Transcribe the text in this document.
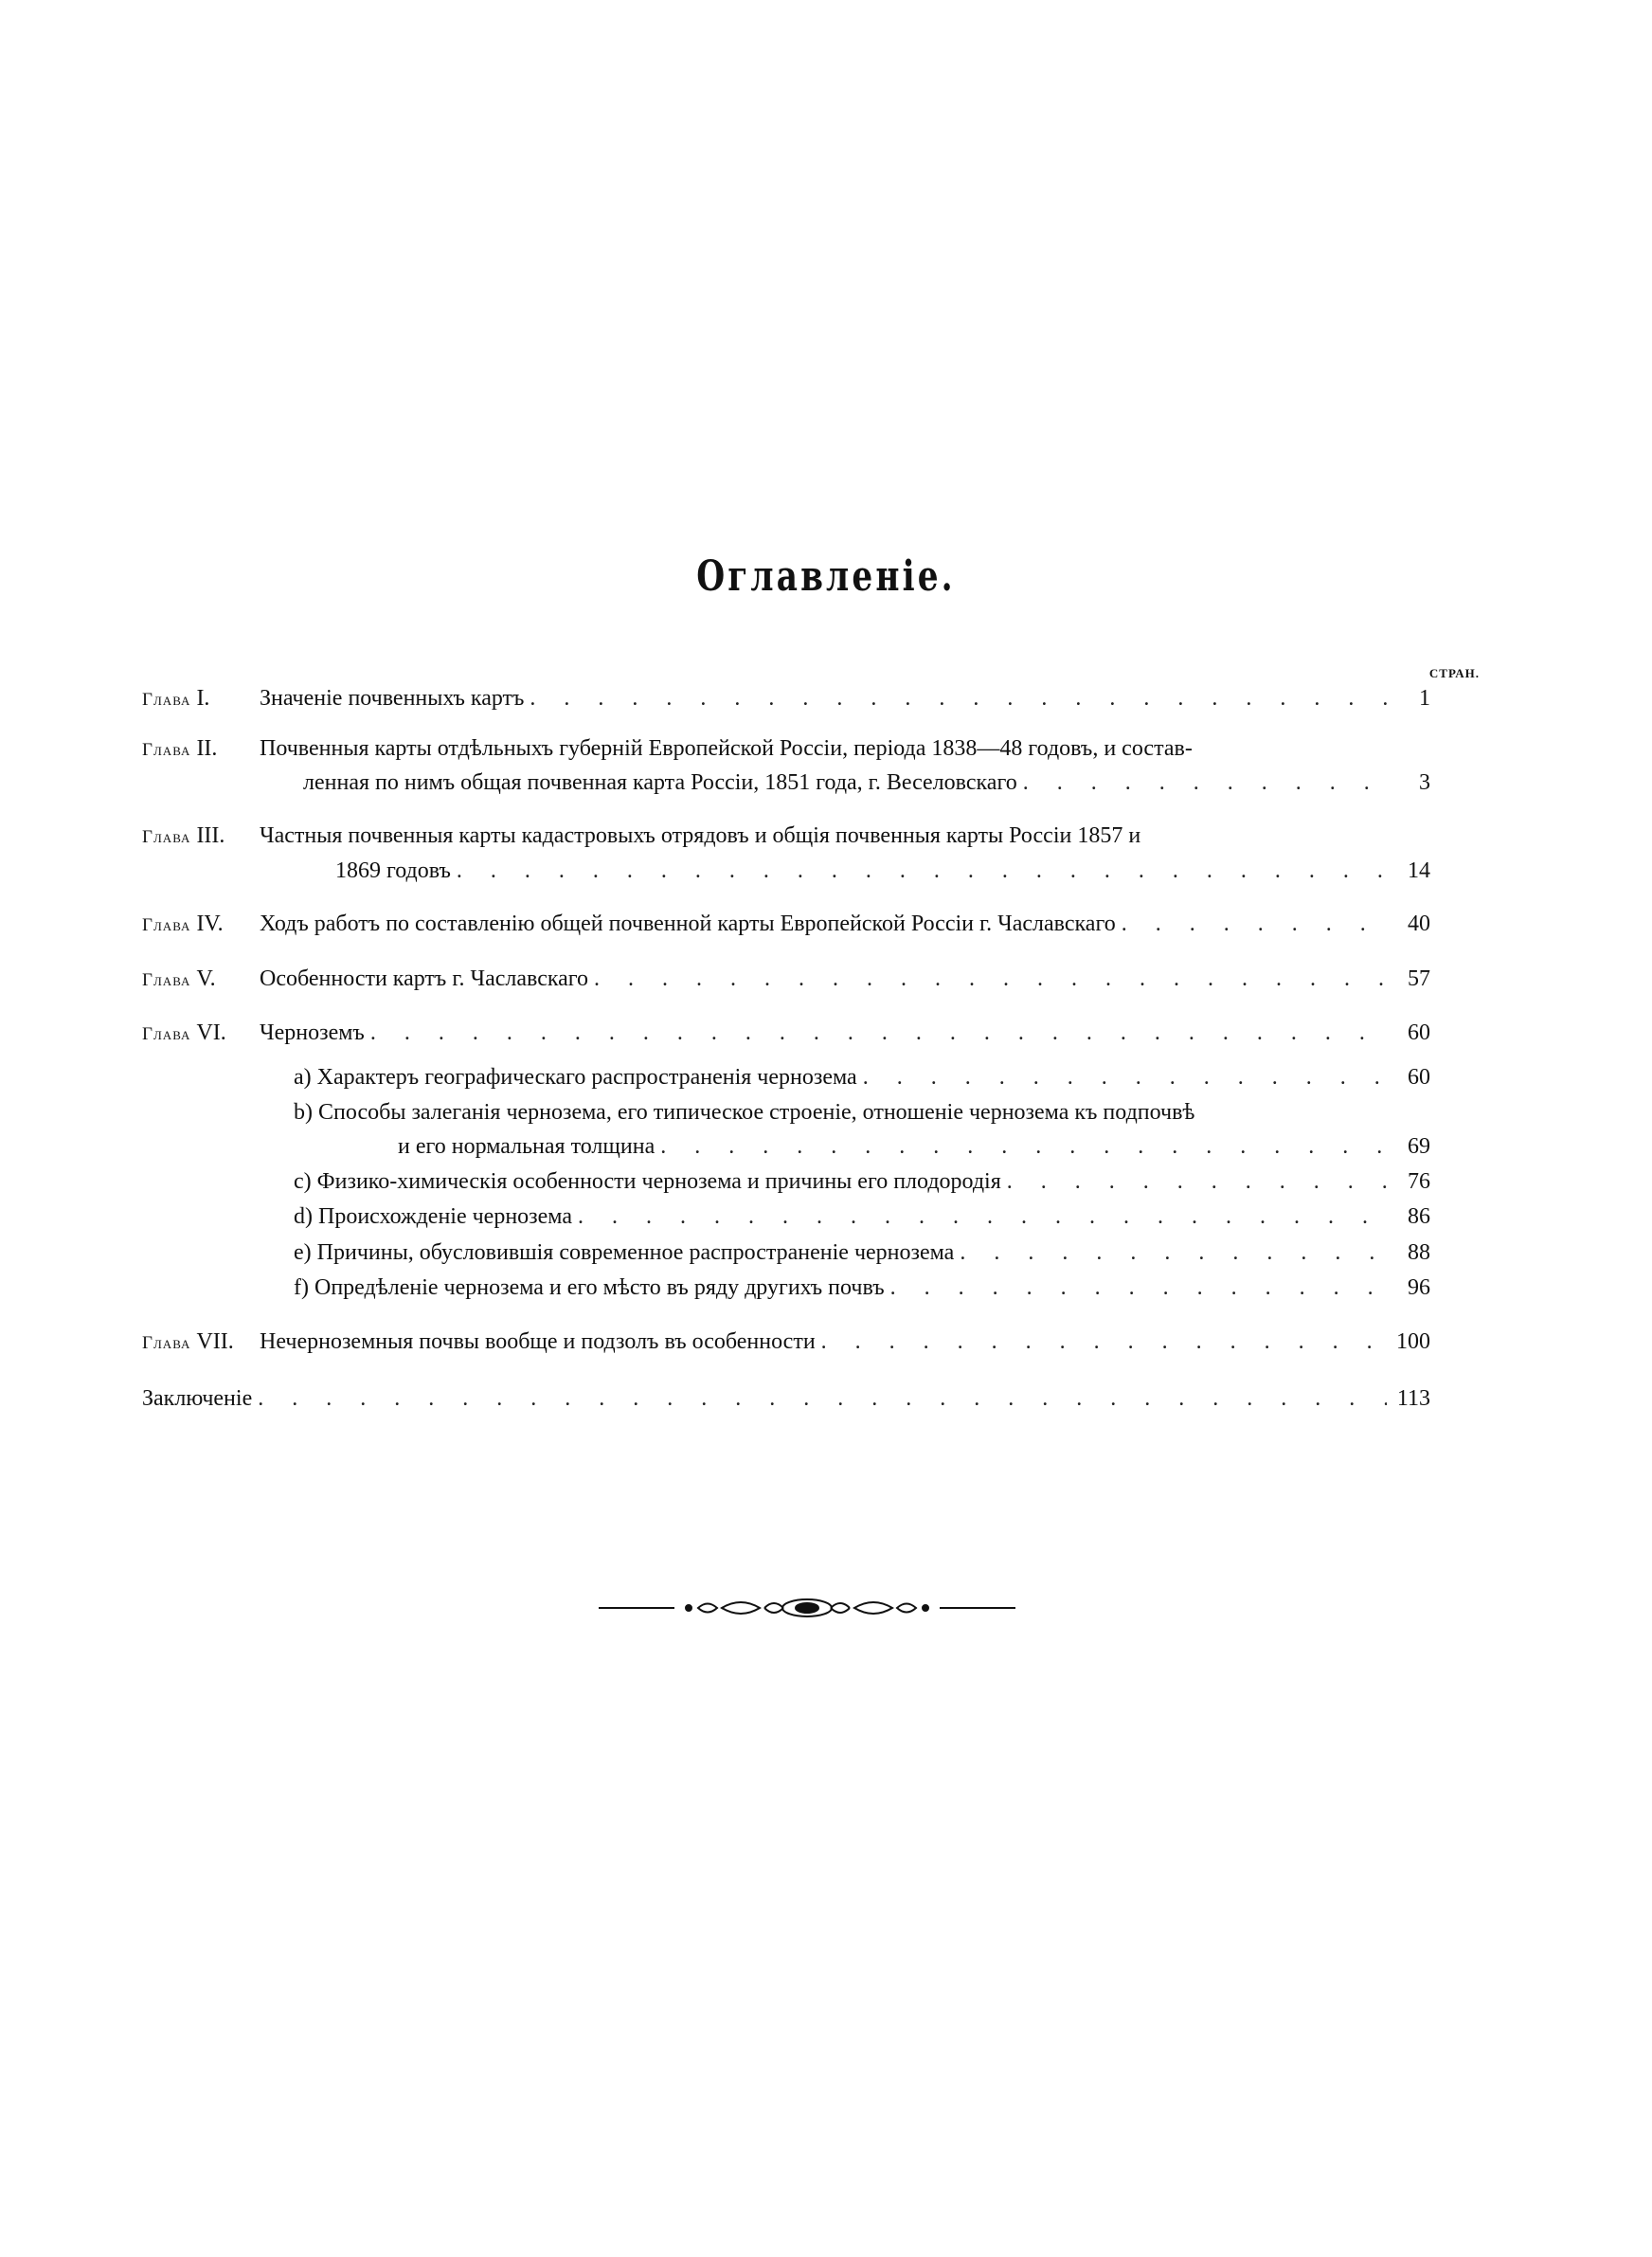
Оглавленіе.
СТРАН.
Глава I.	Значеніе почвенныхъ картъ . . .	1
Глава II.	Почвенныя карты отдѣльныхъ губерній Европейской Россіи, періода 1838—48 годовъ, и состав-
ленная по нимъ общая почвенная карта Россіи, 1851 года, г. Веселовскаго . . .	3
Глава III.	Частныя почвенныя карты кадастровыхъ отрядовъ и общія почвенныя карты Россіи 1857 и
1869 годовъ . . .	14
Глава IV.	Ходъ работъ по составленію общей почвенной карты Европейской Россіи г. Чаславскаго . . .	40
Глава V.	Особенности картъ г. Чаславскаго . . .	57
Глава VI.	Черноземъ . . .	60
a)
Характеръ географическаго распространенія чернозема . . .	60
b)
Способы залеганія чернозема, его типическое строеніе, отношеніе чернозема къ подпочвѣ
и его нормальная толщина . . .	69
c)
Физико-химическія особенности чернозема и причины его плодородія . . .	76
d)
Происхожденіе чернозема . . .	86
e)
Причины, обусловившія современное распространеніе чернозема . . .	88
f)
Опредѣленіе чернозема и его мѣсто въ ряду другихъ почвъ . . .	96
Глава VII.	Нечерноземныя почвы вообще и подзолъ въ особенности . . .	100
Заключеніе . . .	113
